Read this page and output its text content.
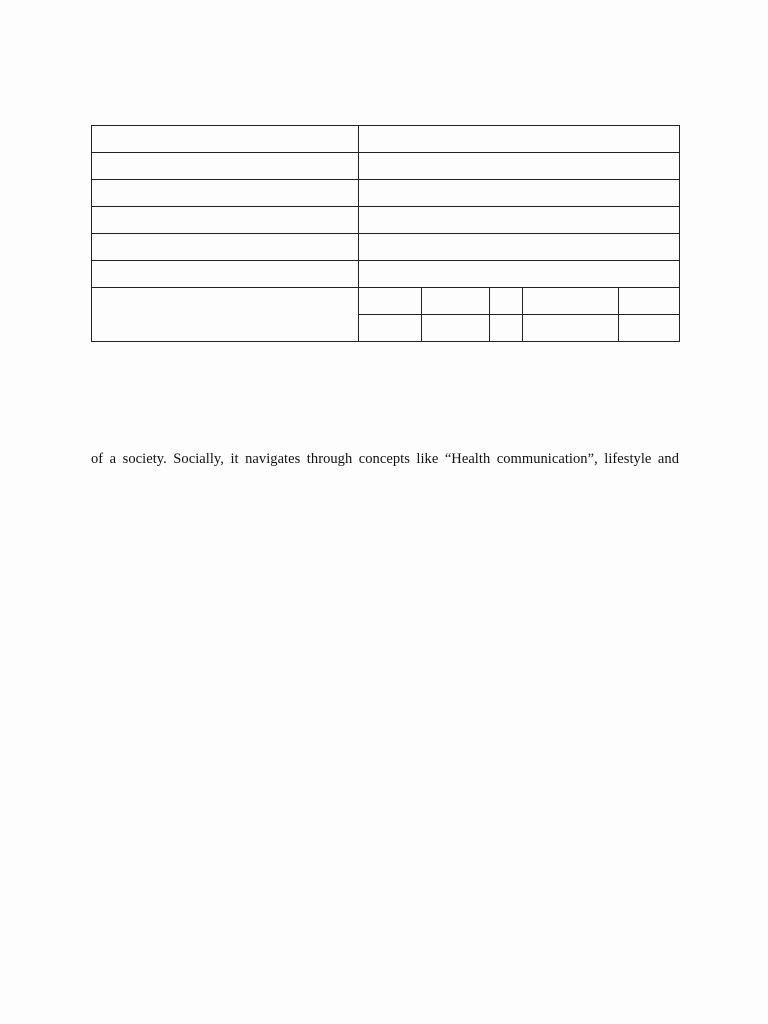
of a society. Socially, it navigates through concepts like “Health communication”, lifestyle and
